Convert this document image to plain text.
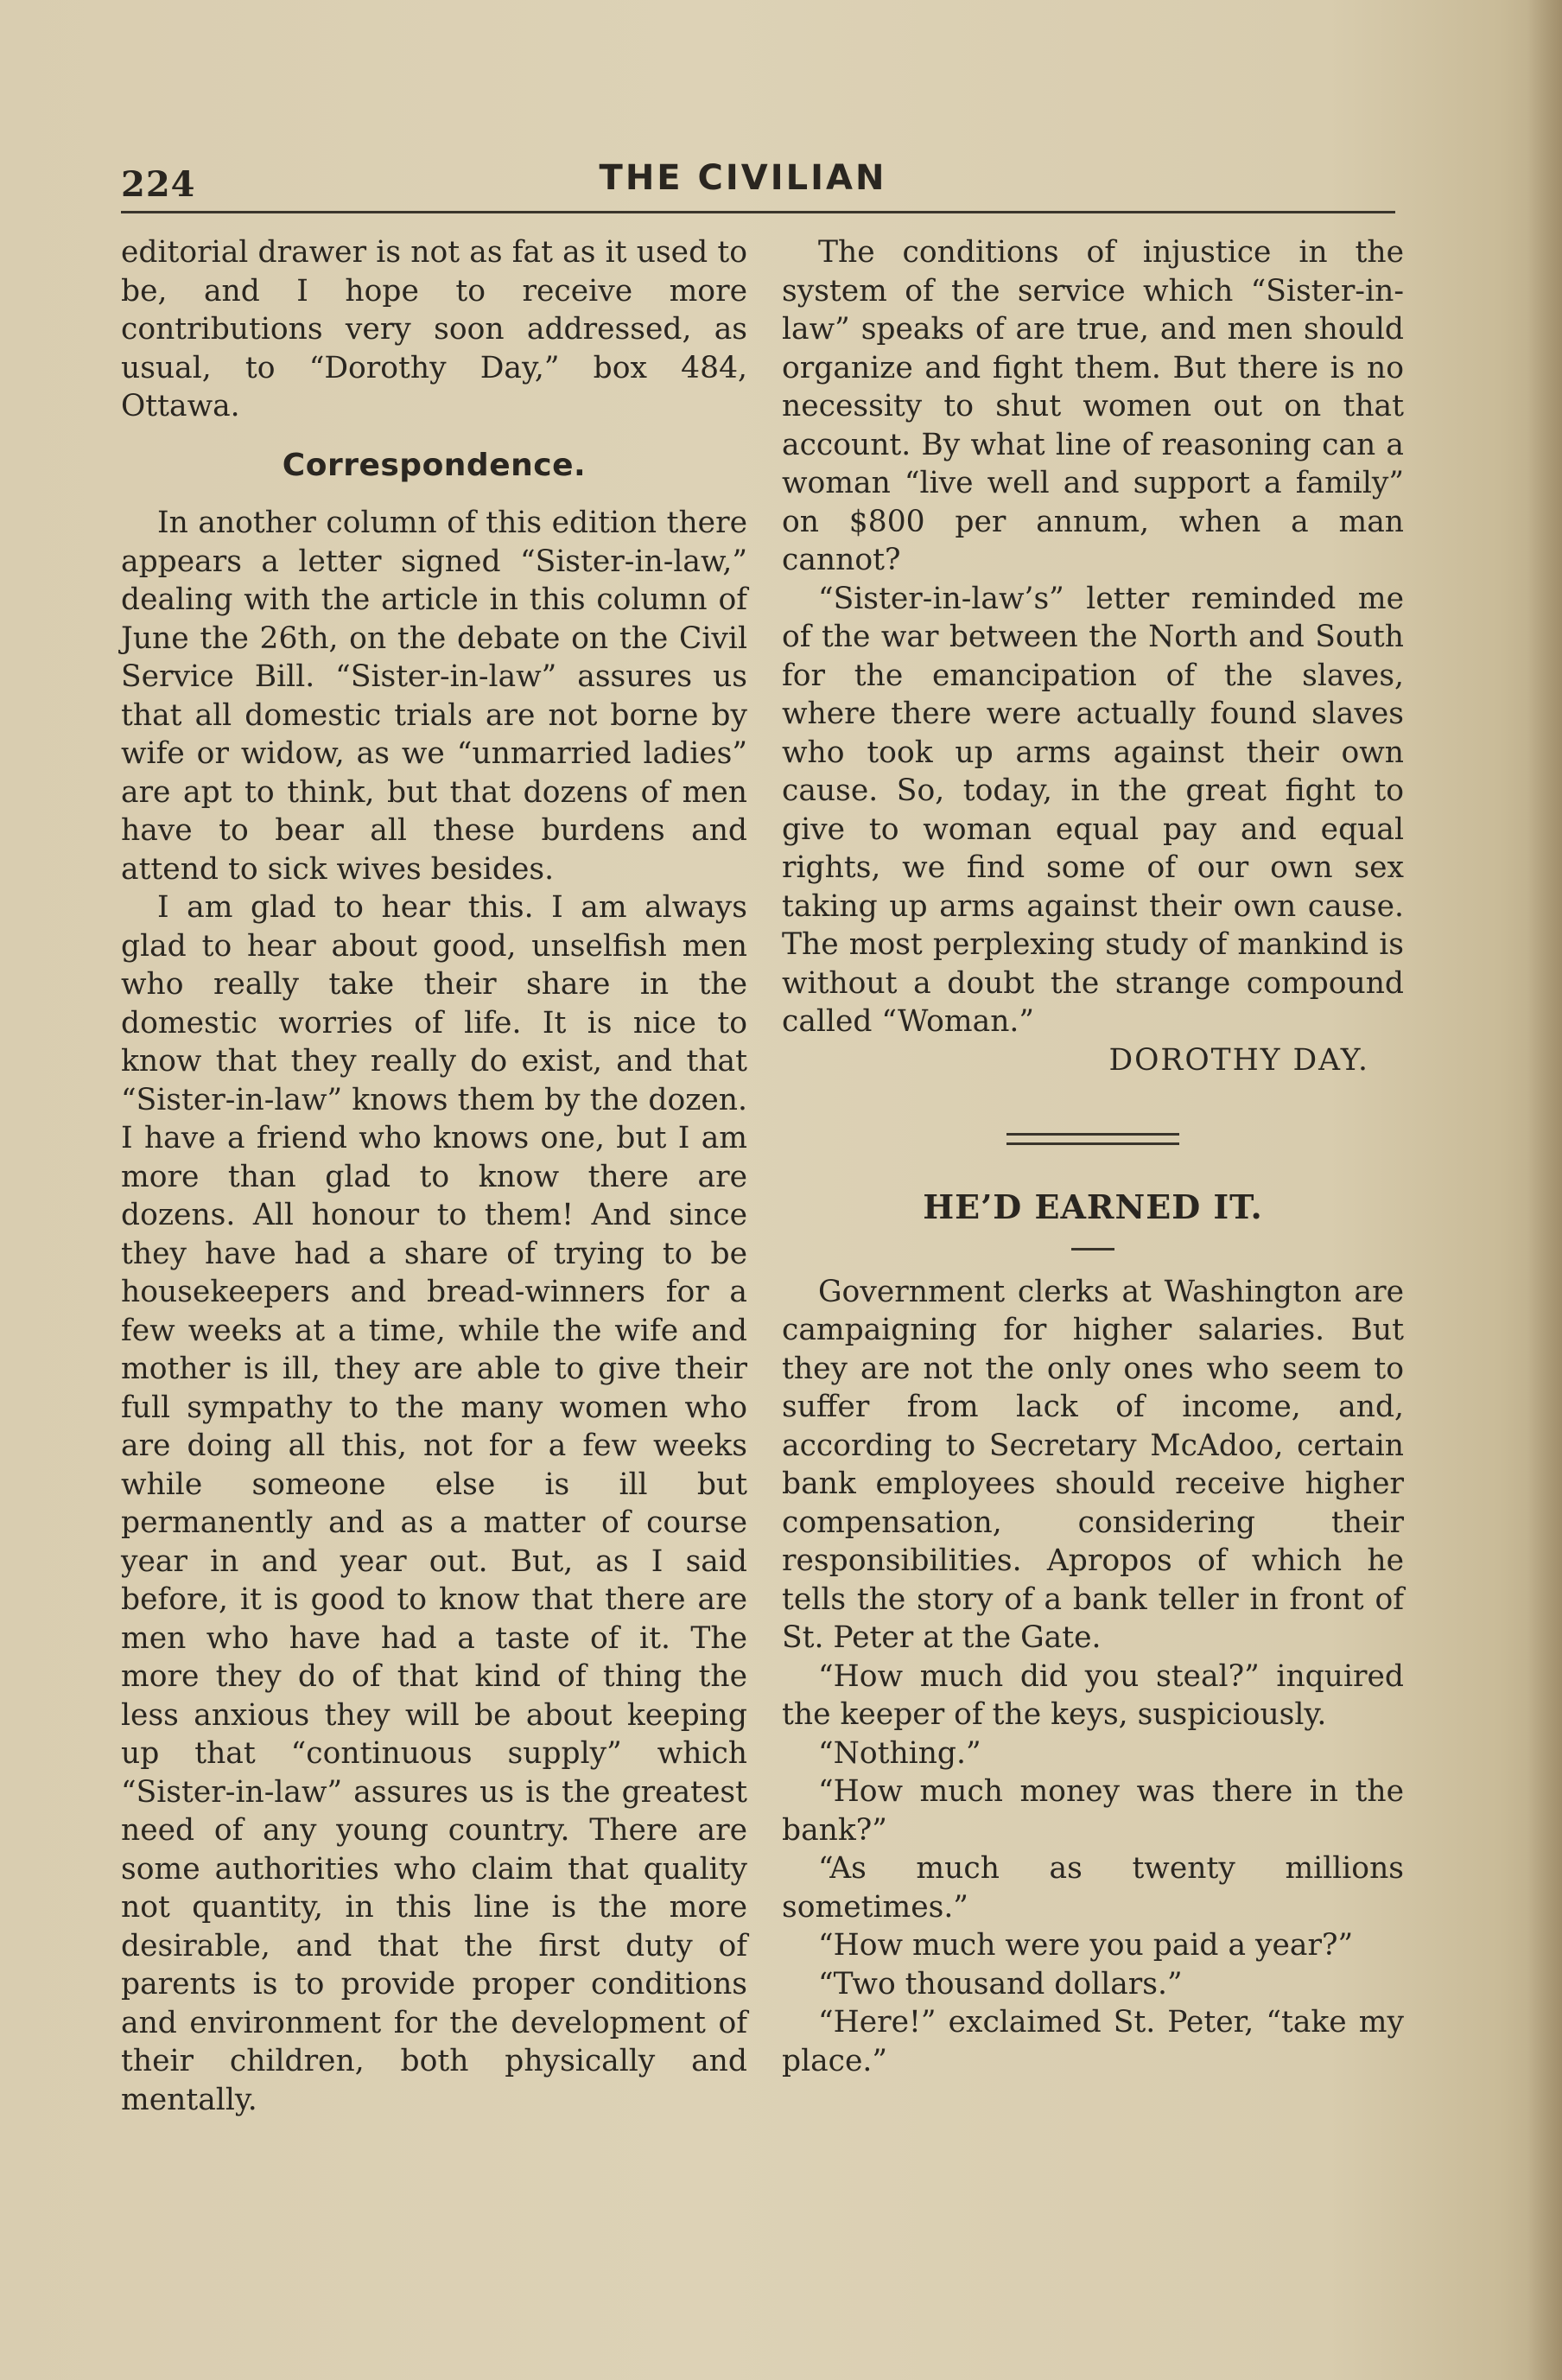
224	THE CIVILIAN

editorial drawer is not as fat as it used to be, and I hope to receive more contributions very soon addressed, as usual, to “Dorothy Day,” box 484, Ottawa.

Correspondence.

In another column of this edition there appears a letter signed “Sister-in-law,” dealing with the article in this column of June the 26th, on the debate on the Civil Service Bill. “Sister-in-law” assures us that all domestic trials are not borne by wife or widow, as we “unmarried ladies” are apt to think, but that dozens of men have to bear all these burdens and attend to sick wives besides.

I am glad to hear this. I am always glad to hear about good, unselfish men who really take their share in the domestic worries of life. It is nice to know that they really do exist, and that “Sister-in-law” knows them by the dozen. I have a friend who knows one, but I am more than glad to know there are dozens. All honour to them! And since they have had a share of trying to be housekeepers and bread-winners for a few weeks at a time, while the wife and mother is ill, they are able to give their full sympathy to the many women who are doing all this, not for a few weeks while someone else is ill but permanently and as a matter of course year in and year out. But, as I said before, it is good to know that there are men who have had a taste of it. The more they do of that kind of thing the less anxious they will be about keeping up that “continuous supply” which “Sister-in-law” assures us is the greatest need of any young country. There are some authorities who claim that quality not quantity, in this line is the more desirable, and that the first duty of parents is to provide proper conditions and environment for the development of their children, both physically and mentally.

The conditions of injustice in the system of the service which “Sister-in-law” speaks of are true, and men should organize and fight them. But there is no necessity to shut women out on that account. By what line of reasoning can a woman “live well and support a family” on $800 per annum, when a man cannot?

“Sister-in-law’s” letter reminded me of the war between the North and South for the emancipation of the slaves, where there were actually found slaves who took up arms against their own cause. So, today, in the great fight to give to woman equal pay and equal rights, we find some of our own sex taking up arms against their own cause. The most perplexing study of mankind is without a doubt the strange compound called “Woman.”

DOROTHY DAY.

HE’D EARNED IT.

Government clerks at Washington are campaigning for higher salaries. But they are not the only ones who seem to suffer from lack of income, and, according to Secretary McAdoo, certain bank employees should receive higher compensation, considering their responsibilities. Apropos of which he tells the story of a bank teller in front of St. Peter at the Gate.

“How much did you steal?” inquired the keeper of the keys, suspiciously.

“Nothing.”

“How much money was there in the bank?”

“As much as twenty millions sometimes.”

“How much were you paid a year?”

“Two thousand dollars.”

“Here!” exclaimed St. Peter, “take my place.”
